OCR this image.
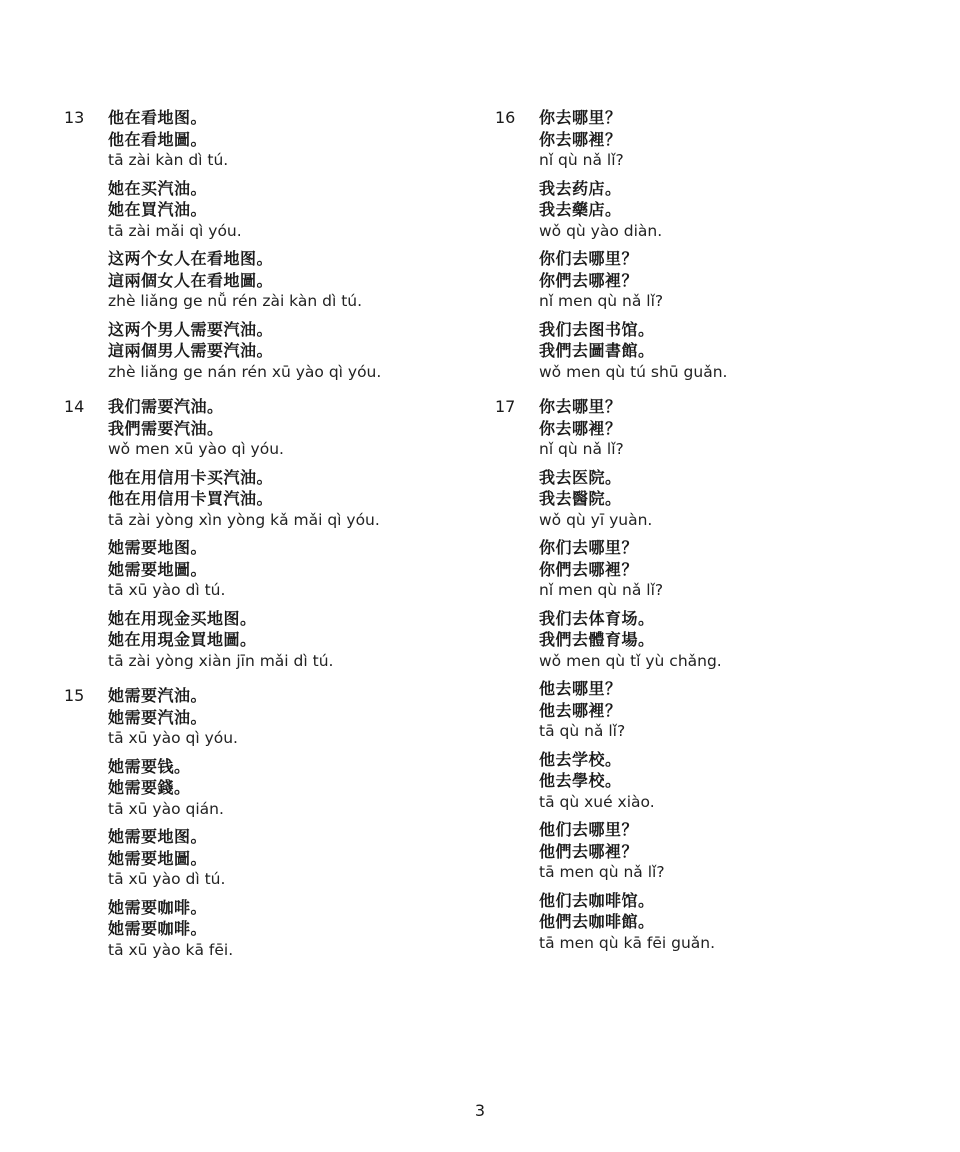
13 他在看地图。
他在看地圖。
tā zài kàn dì tú.
她在买汽油。
她在買汽油。
tā zài mǎi qì yóu.
这两个女人在看地图。
這兩個女人在看地圖。
zhè liǎng ge nǚ rén zài kàn dì tú.
这两个男人需要汽油。
這兩個男人需要汽油。
zhè liǎng ge nán rén xū yào qì yóu.
14 我们需要汽油。
我們需要汽油。
wǒ men xū yào qì yóu.
他在用信用卡买汽油。
他在用信用卡買汽油。
tā zài yòng xìn yòng kǎ mǎi qì yóu.
她需要地图。
她需要地圖。
tā xū yào dì tú.
她在用现金买地图。
她在用現金買地圖。
tā zài yòng xiàn jīn mǎi dì tú.
15 她需要汽油。
她需要汽油。
tā xū yào qì yóu.
她需要钱。
她需要錢。
tā xū yào qián.
她需要地图。
她需要地圖。
tā xū yào dì tú.
她需要咖啡。
她需要咖啡。
tā xū yào kā fēi.
16 你去哪里？
你去哪裡？
nǐ qù nǎ lǐ?
我去药店。
我去藥店。
wǒ qù yào diàn.
你们去哪里？
你們去哪裡？
nǐ men qù nǎ lǐ?
我们去图书馆。
我們去圖書館。
wǒ men qù tú shū guǎn.
17 你去哪里？
你去哪裡？
nǐ qù nǎ lǐ?
我去医院。
我去醫院。
wǒ qù yī yuàn.
你们去哪里？
你們去哪裡？
nǐ men qù nǎ lǐ?
我们去体育场。
我們去體育場。
wǒ men qù tǐ yù chǎng.
他去哪里？
他去哪裡？
tā qù nǎ lǐ?
他去学校。
他去學校。
tā qù xué xiào.
他们去哪里？
他們去哪裡？
tā men qù nǎ lǐ?
他们去咖啡馆。
他們去咖啡館。
tā men qù kā fēi guǎn.
3
